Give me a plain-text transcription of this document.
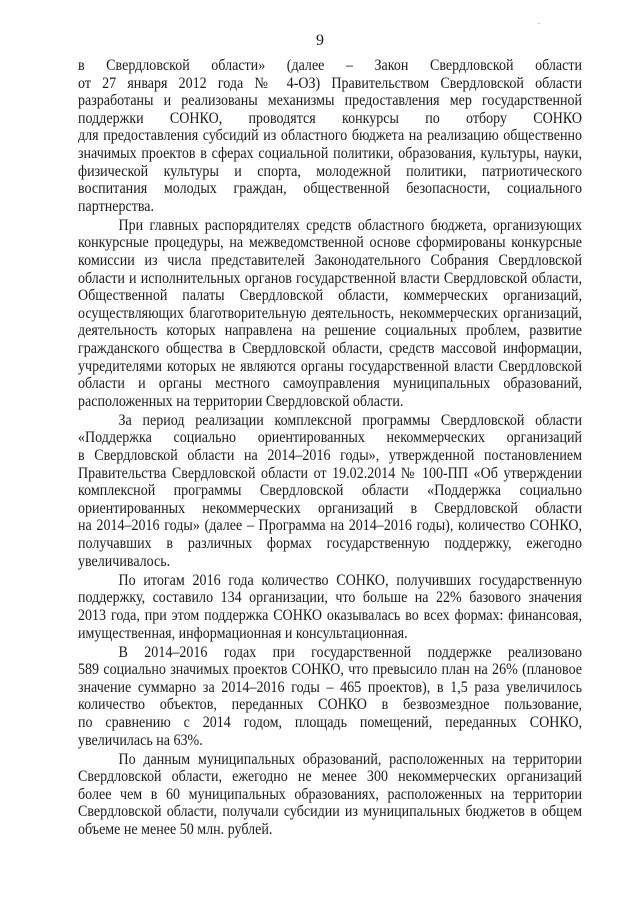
.
9
в Свердловской области» (далее – Закон Свердловской области
от 27 января 2012 года № 4-ОЗ) Правительством Свердловской области
разработаны и реализованы механизмы предоставления мер государственной
поддержки СОНКО, проводятся конкурсы по отбору СОНКО
для предоставления субсидий из областного бюджета на реализацию общественно
значимых проектов в сферах социальной политики, образования, культуры, науки,
физической культуры и спорта, молодежной политики, патриотического
воспитания молодых граждан, общественной безопасности, социального
партнерства.
При главных распорядителях средств областного бюджета, организующих
конкурсные процедуры, на межведомственной основе сформированы конкурсные
комиссии из числа представителей Законодательного Собрания Свердловской
области и исполнительных органов государственной власти Свердловской области,
Общественной палаты Свердловской области, коммерческих организаций,
осуществляющих благотворительную деятельность, некоммерческих организаций,
деятельность которых направлена на решение социальных проблем, развитие
гражданского общества в Свердловской области, средств массовой информации,
учредителями которых не являются органы государственной власти Свердловской
области и органы местного самоуправления муниципальных образований,
расположенных на территории Свердловской области.
За период реализации комплексной программы Свердловской области
«Поддержка социально ориентированных некоммерческих организаций
в Свердловской области на 2014–2016 годы», утвержденной постановлением
Правительства Свердловской области от 19.02.2014 № 100-ПП «Об утверждении
комплексной программы Свердловской области «Поддержка социально
ориентированных некоммерческих организаций в Свердловской области
на 2014–2016 годы» (далее – Программа на 2014–2016 годы), количество СОНКО,
получавших в различных формах государственную поддержку, ежегодно
увеличивалось.
По итогам 2016 года количество СОНКО, получивших государственную
поддержку, составило 134 организации, что больше на 22% базового значения
2013 года, при этом поддержка СОНКО оказывалась во всех формах: финансовая,
имущественная, информационная и консультационная.
В 2014–2016 годах при государственной поддержке реализовано
589 социально значимых проектов СОНКО, что превысило план на 26% (плановое
значение суммарно за 2014–2016 годы – 465 проектов), в 1,5 раза увеличилось
количество объектов, переданных СОНКО в безвозмездное пользование,
по сравнению с 2014 годом, площадь помещений, переданных СОНКО,
увеличилась на 63%.
По данным муниципальных образований, расположенных на территории
Свердловской области, ежегодно не менее 300 некоммерческих организаций
более чем в 60 муниципальных образованиях, расположенных на территории
Свердловской области, получали субсидии из муниципальных бюджетов в общем
объеме не менее 50 млн. рублей.
